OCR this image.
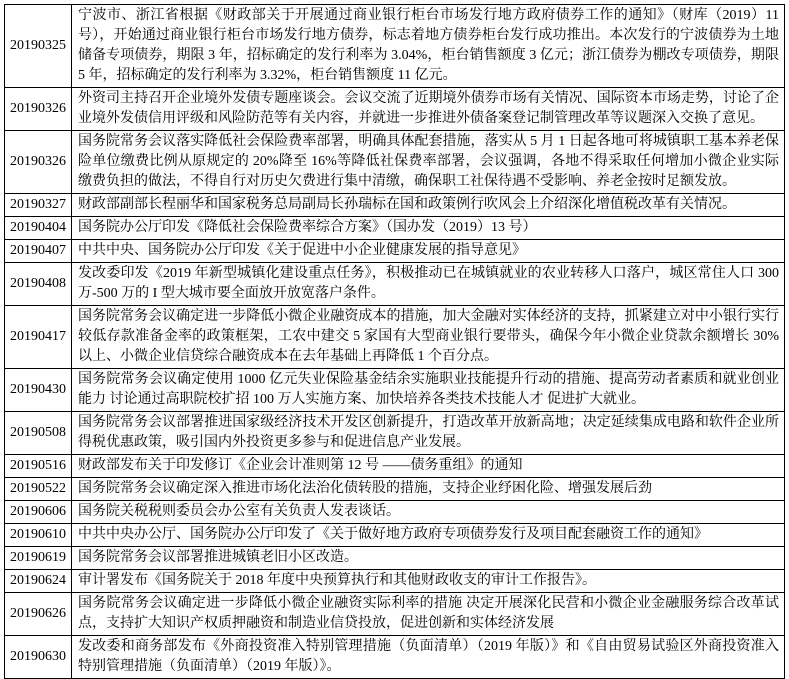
20190325	宁波市、浙江省根据《财政部关于开展通过商业银行柜台市场发行地方政府债券工作的通知》（财库（2019）11 号），开始通过商业银行柜台市场发行地方债券，标志着地方债券柜台发行成功推出。本次发行的宁波债券为土地储备专项债券，期限 3 年，招标确定的发行利率为 3.04%，柜台销售额度 3 亿元；浙江债券为棚改专项债券，期限 5 年，招标确定的发行利率为 3.32%，柜台销售额度 11 亿元。
20190326	外资司主持召开企业境外发债专题座谈会。会议交流了近期境外债券市场有关情况、国际资本市场走势，讨论了企业境外发债信用评级和风险防范等有关内容，并就进一步推进外债备案登记制管理改革等议题深入交换了意见。
20190326	国务院常务会议落实降低社会保险费率部署，明确具体配套措施，落实从 5 月 1 日起各地可将城镇职工基本养老保险单位缴费比例从原规定的 20%降至 16%等降低社保费率部署，会议强调，各地不得采取任何增加小微企业实际缴费负担的做法，不得自行对历史欠费进行集中清缴，确保职工社保待遇不受影响、养老金按时足额发放。
20190327	财政部副部长程丽华和国家税务总局副局长孙瑞标在国和政策例行吹风会上介绍深化增值税改革有关情况。
20190404	国务院办公厅印发《降低社会保险费率综合方案》（国办发（2019）13 号）
20190407	中共中央、国务院办公厅印发《关于促进中小企业健康发展的指导意见》
20190408	发改委印发《2019 年新型城镇化建设重点任务》，积极推动已在城镇就业的农业转移人口落户，城区常住人口 300 万-500 万的 I 型大城市要全面放开放宽落户条件。
20190417	国务院常务会议确定进一步降低小微企业融资成本的措施，加大金融对实体经济的支持，抓紧建立对中小银行实行较低存款准备金率的政策框架，工农中建交 5 家国有大型商业银行要带头，确保今年小微企业贷款余额增长 30%以上、小微企业信贷综合融资成本在去年基础上再降低 1 个百分点。
20190430	国务院常务会议确定使用 1000 亿元失业保险基金结余实施职业技能提升行动的措施、提高劳动者素质和就业创业能力 讨论通过高职院校扩招 100 万人实施方案、加快培养各类技术技能人才 促进扩大就业。
20190508	国务院常务会议部署推进国家级经济技术开发区创新提升，打造改革开放新高地；决定延续集成电路和软件企业所得税优惠政策，吸引国内外投资更多参与和促进信息产业发展。
20190516	财政部发布关于印发修订《企业会计准则第 12 号 ——债务重组》的通知
20190522	国务院常务会议确定深入推进市场化法治化债转股的措施，支持企业纾困化险、增强发展后劲
20190606	国务院关税税则委员会办公室有关负责人发表谈话。
20190610	中共中央办公厅、国务院办公厅印发了《关于做好地方政府专项债券发行及项目配套融资工作的通知》
20190619	国务院常务会议部署推进城镇老旧小区改造。
20190624	审计署发布《国务院关于 2018 年度中央预算执行和其他财政收支的审计工作报告》。
20190626	国务院常务会议确定进一步降低小微企业融资实际利率的措施 决定开展深化民营和小微企业金融服务综合改革试点，支持扩大知识产权质押融资和制造业信贷投放，促进创新和实体经济发展
20190630	发改委和商务部发布《外商投资准入特别管理措施（负面清单）（2019 年版）》和《自由贸易试验区外商投资准入特别管理措施（负面清单）（2019 年版）》。
